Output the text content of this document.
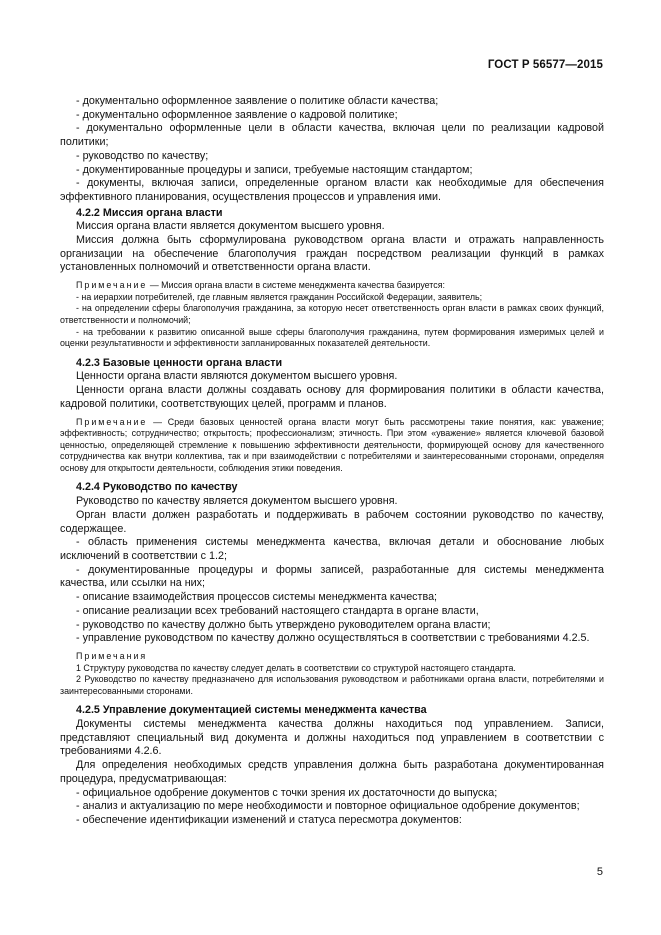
ГОСТ Р 56577—2015

- документально оформленное заявление о политике области качества;

- документально оформленное заявление о кадровой политике;

- документально оформленные цели в области качества, включая цели по реализации кадровой политики;

- руководство по качеству;

- документированные процедуры и записи, требуемые настоящим стандартом;

- документы, включая записи, определенные органом власти как необходимые для обеспечения эффективного планирования, осуществления процессов и управления ими.

4.2.2 Миссия органа власти

Миссия органа власти является документом высшего уровня.

Миссия должна быть сформулирована руководством органа власти и отражать направленность организации на обеспечение благополучия граждан посредством реализации функций в рамках установленных полномочий и ответственности органа власти.

Примечание — Миссия органа власти в системе менеджмента качества базируется:

- на иерархии потребителей, где главным является гражданин Российской Федерации, заявитель;

- на определении сферы благополучия гражданина, за которую несет ответственность орган власти в рамках своих функций, ответственности и полномочий;

- на требовании к развитию описанной выше сферы благополучия гражданина, путем формирования измеримых целей и оценки результативности и эффективности запланированных показателей деятельности.

4.2.3 Базовые ценности органа власти

Ценности органа власти являются документом высшего уровня.

Ценности органа власти должны создавать основу для формирования политики в области качества, кадровой политики, соответствующих целей, программ и планов.

Примечание — Среди базовых ценностей органа власти могут быть рассмотрены такие понятия, как: уважение; эффективность; сотрудничество; открытость; профессионализм; этичность. При этом «уважение» является ключевой базовой ценностью, определяющей стремление к повышению эффективности деятельности, формирующей основу для качественного сотрудничества как внутри коллектива, так и при взаимодействии с потребителями и заинтересованными сторонами, определяя основу для открытости деятельности, соблюдения этики поведения.

4.2.4 Руководство по качеству

Руководство по качеству является документом высшего уровня.

Орган власти должен разработать и поддерживать в рабочем состоянии руководство по качеству, содержащее.

- область применения системы менеджмента качества, включая детали и обоснование любых исключений в соответствии с 1.2;

- документированные процедуры и формы записей, разработанные для системы менеджмента качества, или ссылки на них;

- описание взаимодействия процессов системы менеджмента качества;

- описание реализации всех требований настоящего стандарта в органе власти,

- руководство по качеству должно быть утверждено руководителем органа власти;

- управление руководством по качеству должно осуществляться в соответствии с требованиями 4.2.5.

Примечания

1 Структуру руководства по качеству следует делать в соответствии со структурой настоящего стандарта.

2 Руководство по качеству предназначено для использования руководством и работниками органа власти, потребителями и заинтересованными сторонами.

4.2.5 Управление документацией системы менеджмента качества

Документы системы менеджмента качества должны находиться под управлением. Записи, представляют специальный вид документа и должны находиться под управлением в соответствии с требованиями 4.2.6.

Для определения необходимых средств управления должна быть разработана документированная процедура, предусматривающая:

- официальное одобрение документов с точки зрения их достаточности до выпуска;

- анализ и актуализацию по мере необходимости и повторное официальное одобрение документов;

- обеспечение идентификации изменений и статуса пересмотра документов:

5
